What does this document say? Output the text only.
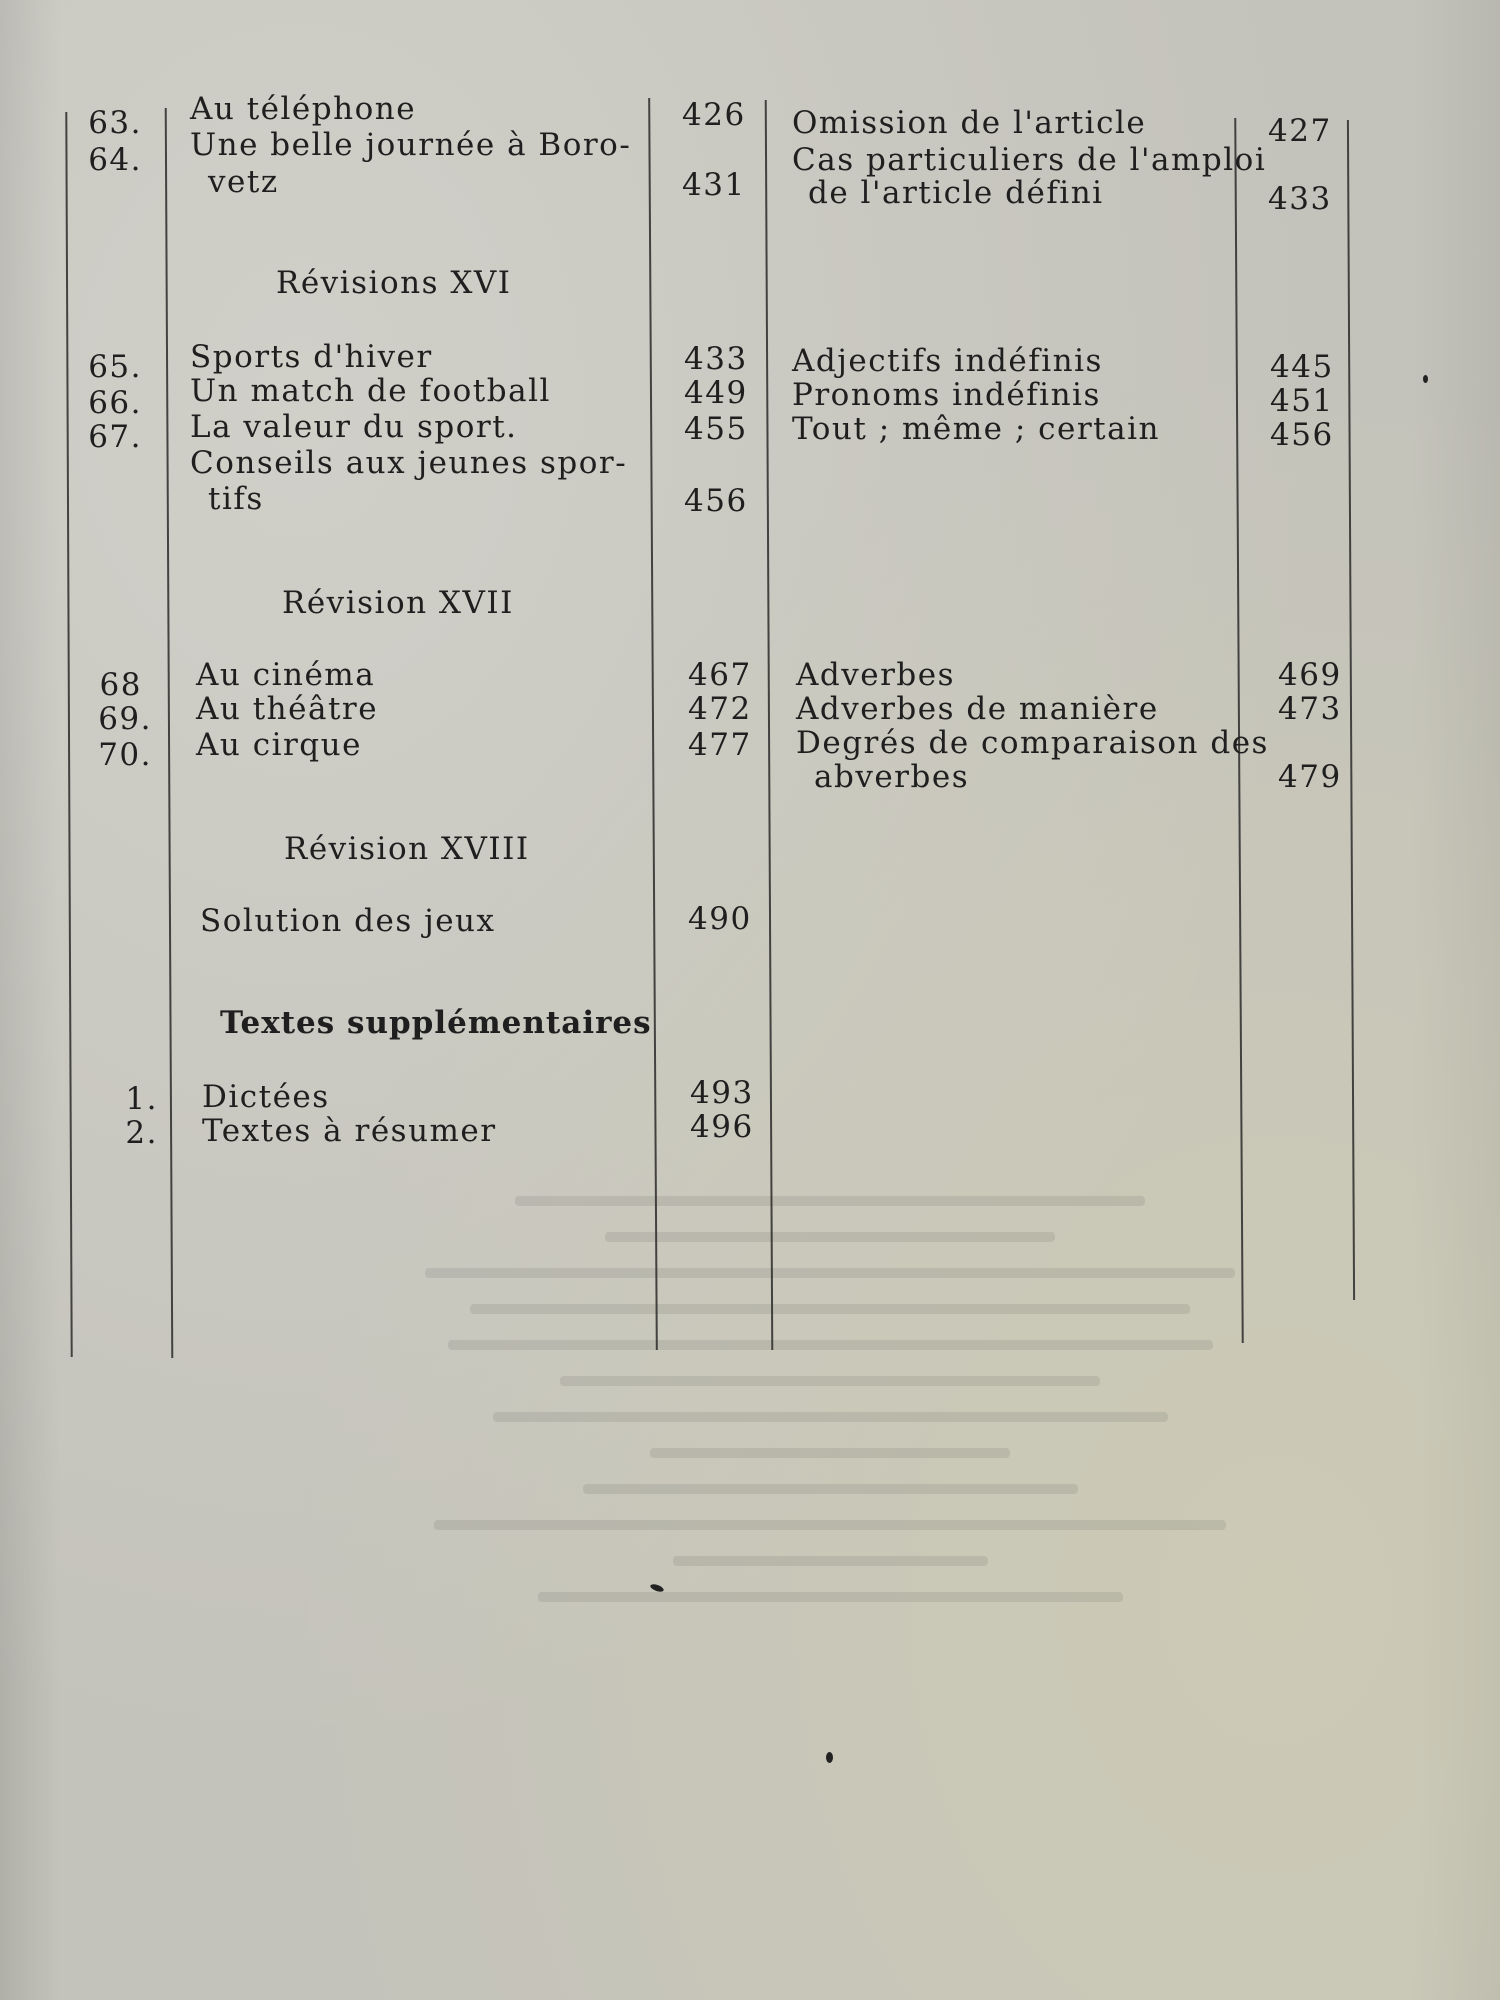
63. Au téléphone	426
64. Une belle journée à Boro-
vetz	431
Omission de l'article	427
Cas particuliers de l'amploi
de l'article défini	433
Révisions XVI
65. Sports d'hiver	433
66. Un match de football	449
67. La valeur du sport.	455
Conseils aux jeunes spor-
tifs	456
Adjectifs indéfinis	445
Pronoms indéfinis	451
Tout ; même ; certain	456
Révision XVII
68 Au cinéma	467
69. Au théâtre	472
70. Au cirque	477
Adverbes	469
Adverbes de manière	473
Degrés de comparaison des
abverbes	479
Révision XVIII
Solution des jeux	490
Textes supplémentaires
1. Dictées	493
2. Textes à résumer	496
